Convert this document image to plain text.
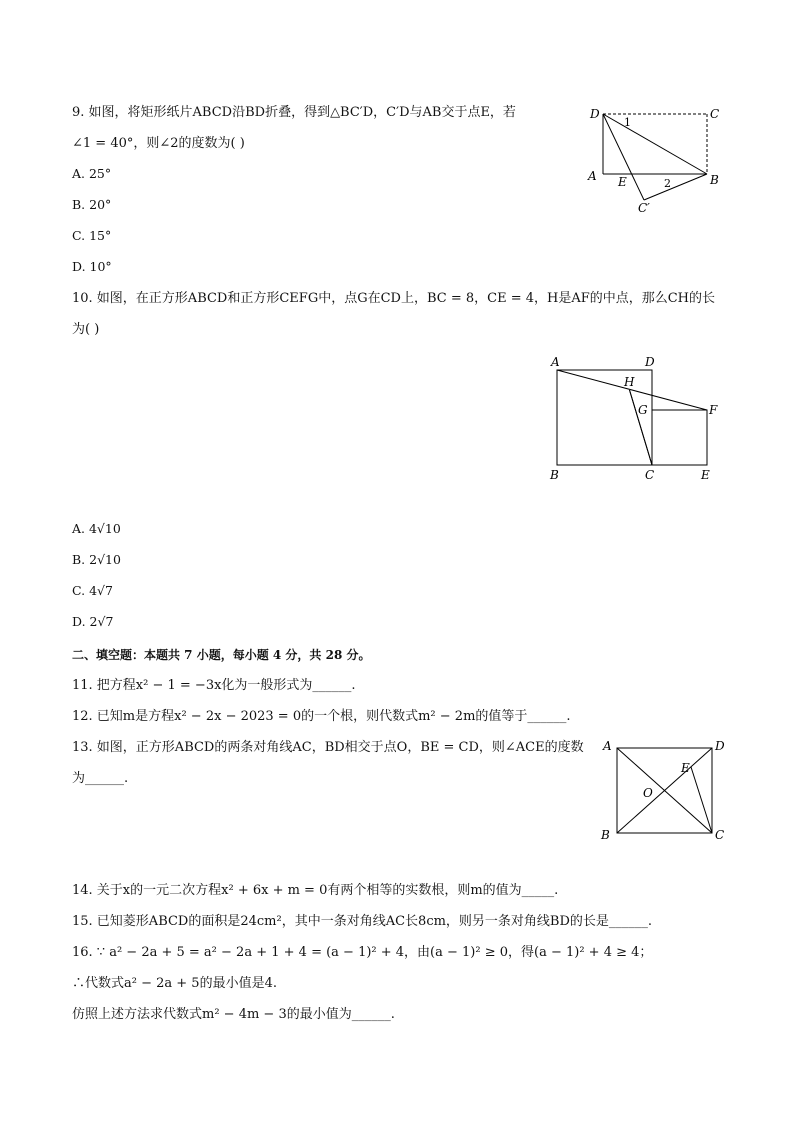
9. 如图，将矩形纸片ABCD沿BD折叠，得到△BC′D，C′D与AB交于点E，若
∠1 = 40°，则∠2的度数为( )
A. 25°
B. 20°
C. 15°
D. 10°
D	C
A E	B
C′
1
2
10. 如图，在正方形ABCD和正方形CEFG中，点G在CD上，BC = 8，CE = 4，H是AF的中点，那么CH的长
为( )
A	D
H
G	F
B	C	E
A. 4√10
B. 2√10
C. 4√7
D. 2√7
二、填空题：本题共 7 小题，每小题 4 分，共 28 分。
11. 把方程x² − 1 = −3x化为一般形式为______.
12. 已知m是方程x² − 2x − 2023 = 0的一个根，则代数式m² − 2m的值等于______.
13. 如图，正方形ABCD的两条对角线AC，BD相交于点O，BE = CD，则∠ACE的度数
为______.
A	D
E
O
B	C
14. 关于x的一元二次方程x² + 6x + m = 0有两个相等的实数根，则m的值为_____.
15. 已知菱形ABCD的面积是24cm²，其中一条对角线AC长8cm，则另一条对角线BD的长是______.
16. ∵ a² − 2a + 5 = a² − 2a + 1 + 4 = (a − 1)² + 4，由(a − 1)² ≥ 0，得(a − 1)² + 4 ≥ 4；
∴代数式a² − 2a + 5的最小值是4.
仿照上述方法求代数式m² − 4m − 3的最小值为______.
